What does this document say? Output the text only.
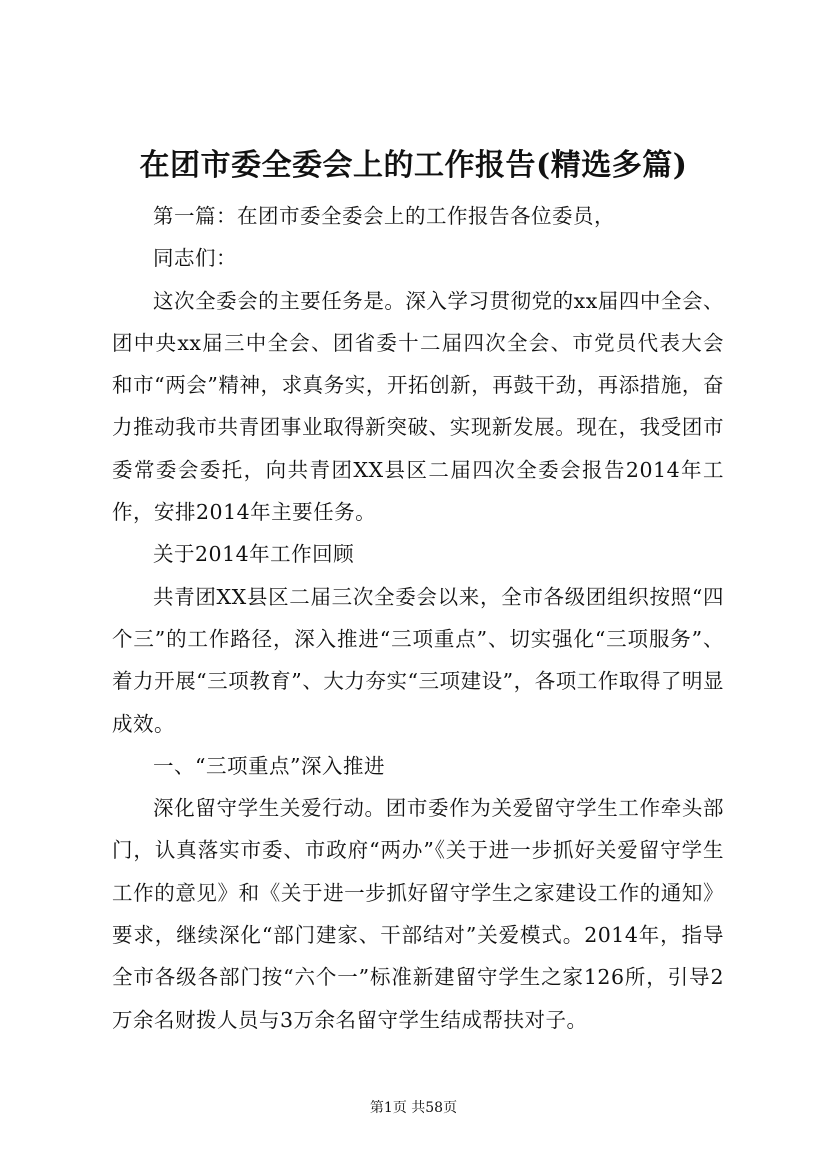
在团市委全委会上的工作报告(精选多篇)

第一篇：在团市委全委会上的工作报告各位委员，

同志们：

这次全委会的主要任务是。深入学习贯彻党的xx届四中全会、团中央xx届三中全会、团省委十二届四次全会、市党员代表大会和市“两会”精神，求真务实，开拓创新，再鼓干劲，再添措施，奋力推动我市共青团事业取得新突破、实现新发展。现在，我受团市委常委会委托，向共青团XX县区二届四次全委会报告2014年工作，安排2014年主要任务。

关于2014年工作回顾

共青团XX县区二届三次全委会以来，全市各级团组织按照“四个三”的工作路径，深入推进“三项重点”、切实强化“三项服务”、着力开展“三项教育”、大力夯实“三项建设”，各项工作取得了明显成效。

一、“三项重点”深入推进

深化留守学生关爱行动。团市委作为关爱留守学生工作牵头部门，认真落实市委、市政府“两办”《关于进一步抓好关爱留守学生工作的意见》和《关于进一步抓好留守学生之家建设工作的通知》要求，继续深化“部门建家、干部结对”关爱模式。2014年，指导全市各级各部门按“六个一”标准新建留守学生之家126所，引导2万余名财拨人员与3万余名留守学生结成帮扶对子。

第1页 共58页
